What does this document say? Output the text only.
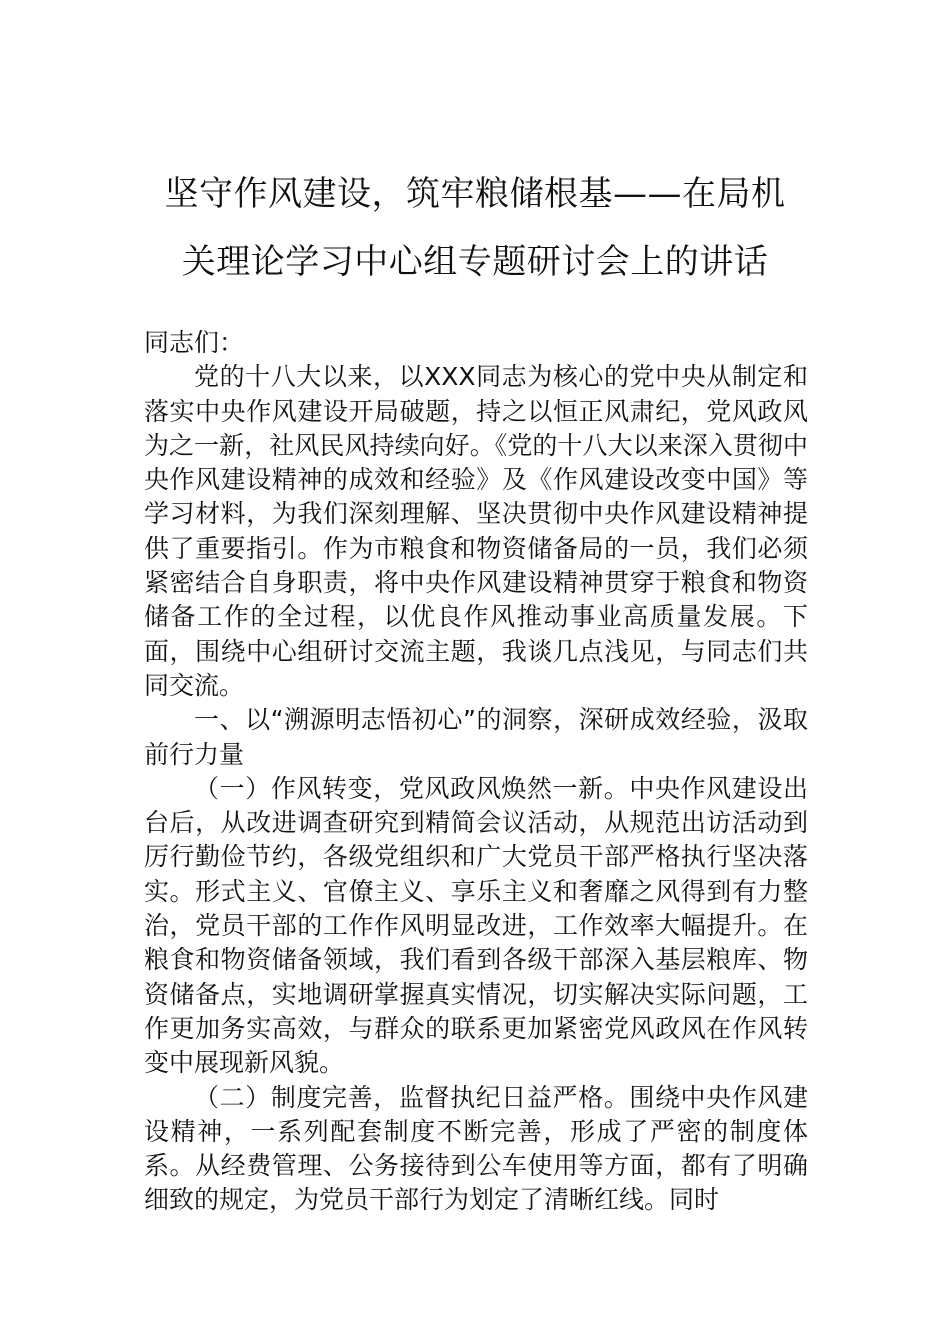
坚守作风建设，筑牢粮储根基——在局机
关理论学习中心组专题研讨会上的讲话

同志们：

党的十八大以来，以XXX同志为核心的党中央从制定和落实中央作风建设开局破题，持之以恒正风肃纪，党风政风为之一新，社风民风持续向好。《党的十八大以来深入贯彻中央作风建设精神的成效和经验》及《作风建设改变中国》等学习材料，为我们深刻理解、坚决贯彻中央作风建设精神提供了重要指引。作为市粮食和物资储备局的一员，我们必须紧密结合自身职责，将中央作风建设精神贯穿于粮食和物资储备工作的全过程，以优良作风推动事业高质量发展。下面，围绕中心组研讨交流主题，我谈几点浅见，与同志们共同交流。

一、以“溯源明志悟初心”的洞察，深研成效经验，汲取前行力量

（一）作风转变，党风政风焕然一新。中央作风建设出台后，从改进调查研究到精简会议活动，从规范出访活动到厉行勤俭节约，各级党组织和广大党员干部严格执行坚决落实。形式主义、官僚主义、享乐主义和奢靡之风得到有力整治，党员干部的工作作风明显改进，工作效率大幅提升。在粮食和物资储备领域，我们看到各级干部深入基层粮库、物资储备点，实地调研掌握真实情况，切实解决实际问题，工作更加务实高效，与群众的联系更加紧密党风政风在作风转变中展现新风貌。

（二）制度完善，监督执纪日益严格。围绕中央作风建设精神，一系列配套制度不断完善，形成了严密的制度体系。从经费管理、公务接待到公车使用等方面，都有了明确细致的规定，为党员干部行为划定了清晰红线。同时
